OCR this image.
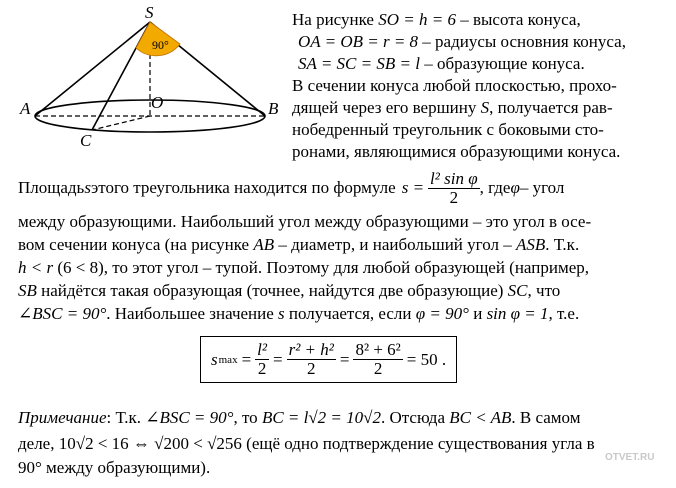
90°
S
O
A	B
C
На рисунке SO = h = 6 – высота конуса,
OA = OB = r = 8 – радиусы основния конуса,
SA = SC = SB = l – образующие конуса.
В сечении конуса любой плоскостью, прохо-
дящей через его вершину S, получается рав-
нобедренный треугольник с боковыми сто-
ронами, являющимися образующими конуса.
Площадь s этого треугольника находится по формуле $s = \frac{\text{l² sin φ}}{2}$ , где φ – угол
между образующими. Наибольший угол между образующими – это угол в осе-
вом сечении конуса (на рисунке AB – диаметр, и наибольший угол – ASB. Т.к.
h < r (6 < 8), то этот угол – тупой. Поэтому для любой образующей (например,
SB найдётся такая образующая (точнее, найдутся две образующие) SC, что
∠BSC = 90°. Наибольшее значение s получается, если φ = 90° и sin φ = 1, т.е.
s $\max = \frac{\text{l²}}{2} = \frac{\text{r² + h²}}{2} = \frac{\text{8² + 6²}}{2} = 50$ .
Примечание: Т.к. ∠BSC = 90°, то BC = l√2 = 10√2. Отсюда BC < AB. В самом
деле, 10√2 < 16 ⇔ √200 < √256 (ещё одно подтверждение существования угла в
90° между образующими).
OTVET.RU
